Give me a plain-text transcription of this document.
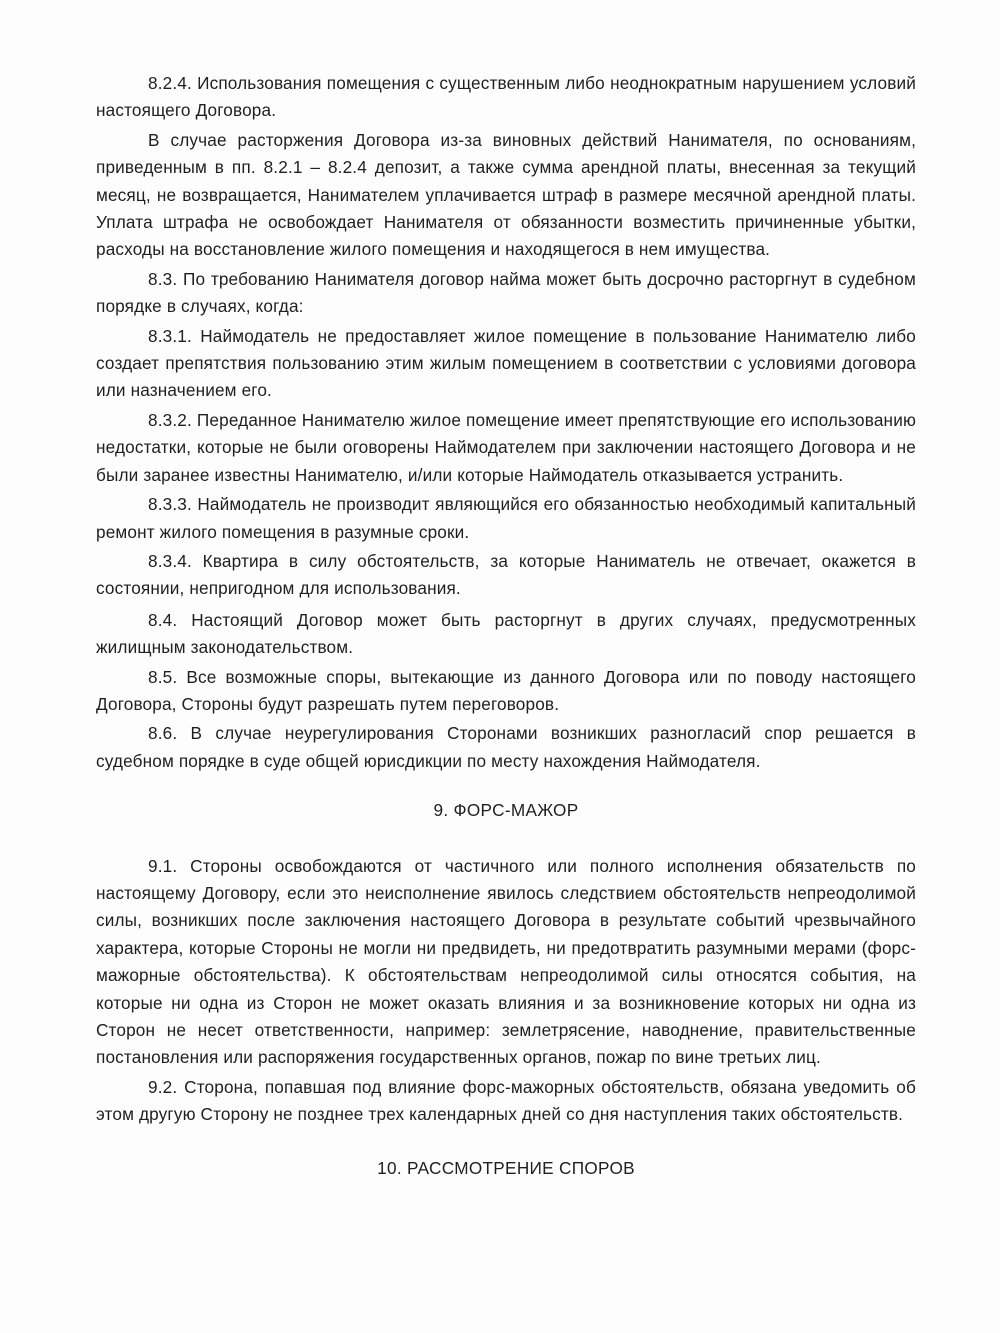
8.2.4. Использования помещения с существенным либо неоднократным нарушением условий настоящего Договора.

В случае расторжения Договора из-за виновных действий Нанимателя, по основаниям, приведенным в пп. 8.2.1 – 8.2.4 депозит, а также сумма арендной платы, внесенная за текущий месяц, не возвращается, Нанимателем уплачивается штраф в размере месячной арендной платы. Уплата штрафа не освобождает Нанимателя от обязанности возместить причиненные убытки, расходы на восстановление жилого помещения и находящегося в нем имущества.

8.3. По требованию Нанимателя договор найма может быть досрочно расторгнут в судебном порядке в случаях, когда:

8.3.1. Наймодатель не предоставляет жилое помещение в пользование Нанимателю либо создает препятствия пользованию этим жилым помещением в соответствии с условиями договора или назначением его.

8.3.2. Переданное Нанимателю жилое помещение имеет препятствующие его использованию недостатки, которые не были оговорены Наймодателем при заключении настоящего Договора и не были заранее известны Нанимателю, и/или которые Наймодатель отказывается устранить.

8.3.3. Наймодатель не производит являющийся его обязанностью необходимый капитальный ремонт жилого помещения в разумные сроки.

8.3.4. Квартира в силу обстоятельств, за которые Наниматель не отвечает, окажется в состоянии, непригодном для использования.

8.4. Настоящий Договор может быть расторгнут в других случаях, предусмотренных жилищным законодательством.

8.5. Все возможные споры, вытекающие из данного Договора или по поводу настоящего Договора, Стороны будут разрешать путем переговоров.

8.6. В случае неурегулирования Сторонами возникших разногласий спор решается в судебном порядке в суде общей юрисдикции по месту нахождения Наймодателя.

9. ФОРС-МАЖОР

9.1. Стороны освобождаются от частичного или полного исполнения обязательств по настоящему Договору, если это неисполнение явилось следствием обстоятельств непреодолимой силы, возникших после заключения настоящего Договора в результате событий чрезвычайного характера, которые Стороны не могли ни предвидеть, ни предотвратить разумными мерами (форс-мажорные обстоятельства). К обстоятельствам непреодолимой силы относятся события, на которые ни одна из Сторон не может оказать влияния и за возникновение которых ни одна из Сторон не несет ответственности, например: землетрясение, наводнение, правительственные постановления или распоряжения государственных органов, пожар по вине третьих лиц.

9.2. Сторона, попавшая под влияние форс-мажорных обстоятельств, обязана уведомить об этом другую Сторону не позднее трех календарных дней со дня наступления таких обстоятельств.

10. РАССМОТРЕНИЕ СПОРОВ
